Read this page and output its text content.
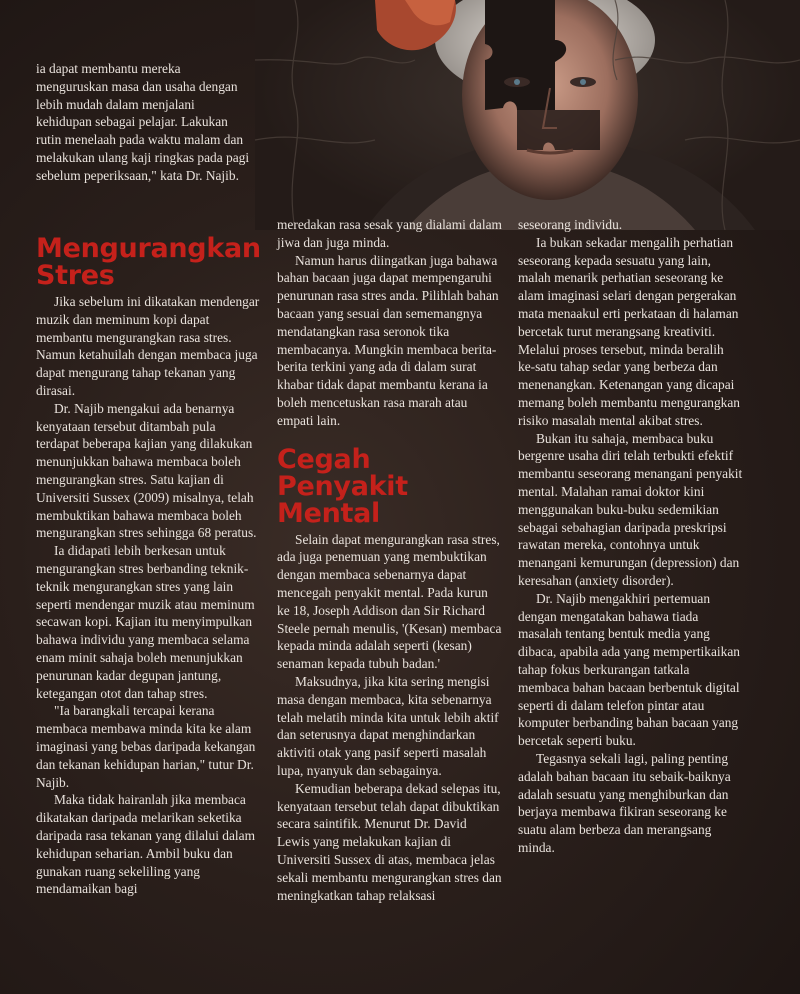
ia dapat membantu mereka menguruskan masa dan usaha dengan lebih mudah dalam menjalani kehidupan sebagai pelajar. Lakukan rutin menelaah pada waktu malam dan melakukan ulang kaji ringkas pada pagi sebelum peperiksaan," kata Dr. Najib.

Mengurangkan Stres

Jika sebelum ini dikatakan mendengar muzik dan meminum kopi dapat membantu mengurangkan rasa stres. Namun ketahuilah dengan membaca juga dapat mengurang tahap tekanan yang dirasai.

Dr. Najib mengakui ada benarnya kenyataan tersebut ditambah pula terdapat beberapa kajian yang dilakukan menunjukkan bahawa membaca boleh mengurangkan stres. Satu kajian di Universiti Sussex (2009) misalnya, telah membuktikan bahawa membaca boleh mengurangkan stres sehingga 68 peratus.

Ia didapati lebih berkesan untuk mengurangkan stres berbanding teknik-teknik mengurangkan stres yang lain seperti mendengar muzik atau meminum secawan kopi. Kajian itu menyimpulkan bahawa individu yang membaca selama enam minit sahaja boleh menunjukkan penurunan kadar degupan jantung, ketegangan otot dan tahap stres.

"Ia barangkali tercapai kerana membaca membawa minda kita ke alam imaginasi yang bebas daripada kekangan dan tekanan kehidupan harian," tutur Dr. Najib.

Maka tidak hairanlah jika membaca dikatakan daripada melarikan seketika daripada rasa tekanan yang dilalui dalam kehidupan seharian. Ambil buku dan gunakan ruang sekeliling yang mendamaikan bagi

meredakan rasa sesak yang dialami dalam jiwa dan juga minda.

Namun harus diingatkan juga bahawa bahan bacaan juga dapat mempengaruhi penurunan rasa stres anda. Pilihlah bahan bacaan yang sesuai dan sememangnya mendatangkan rasa seronok tika membacanya. Mungkin membaca berita-berita terkini yang ada di dalam surat khabar tidak dapat membantu kerana ia boleh mencetuskan rasa marah atau empati lain.

Cegah Penyakit Mental

Selain dapat mengurangkan rasa stres, ada juga penemuan yang membuktikan dengan membaca sebenarnya dapat mencegah penyakit mental. Pada kurun ke 18, Joseph Addison dan Sir Richard Steele pernah menulis, '(Kesan) membaca kepada minda adalah seperti (kesan) senaman kepada tubuh badan.'

Maksudnya, jika kita sering mengisi masa dengan membaca, kita sebenarnya telah melatih minda kita untuk lebih aktif dan seterusnya dapat menghindarkan aktiviti otak yang pasif seperti masalah lupa, nyanyuk dan sebagainya.

Kemudian beberapa dekad selepas itu, kenyataan tersebut telah dapat dibuktikan secara saintifik. Menurut Dr. David Lewis yang melakukan kajian di Universiti Sussex di atas, membaca jelas sekali membantu mengurangkan stres dan meningkatkan tahap relaksasi

seseorang individu.

Ia bukan sekadar mengalih perhatian seseorang kepada sesuatu yang lain, malah menarik perhatian seseorang ke alam imaginasi selari dengan pergerakan mata menaakul erti perkataan di halaman bercetak turut merangsang kreativiti. Melalui proses tersebut, minda beralih ke-satu tahap sedar yang berbeza dan menenangkan. Ketenangan yang dicapai memang boleh membantu mengurangkan risiko masalah mental akibat stres.

Bukan itu sahaja, membaca buku bergenre usaha diri telah terbukti efektif membantu seseorang menangani penyakit mental. Malahan ramai doktor kini menggunakan buku-buku sedemikian sebagai sebahagian daripada preskripsi rawatan mereka, contohnya untuk menangani kemurungan (depression) dan keresahan (anxiety disorder).

Dr. Najib mengakhiri pertemuan dengan mengatakan bahawa tiada masalah tentang bentuk media yang dibaca, apabila ada yang mempertikaikan tahap fokus berkurangan tatkala membaca bahan bacaan berbentuk digital seperti di dalam telefon pintar atau komputer berbanding bahan bacaan yang bercetak seperti buku.

Tegasnya sekali lagi, paling penting adalah bahan bacaan itu sebaik-baiknya adalah sesuatu yang menghiburkan dan berjaya membawa fikiran seseorang ke suatu alam berbeza dan merangsang minda.
